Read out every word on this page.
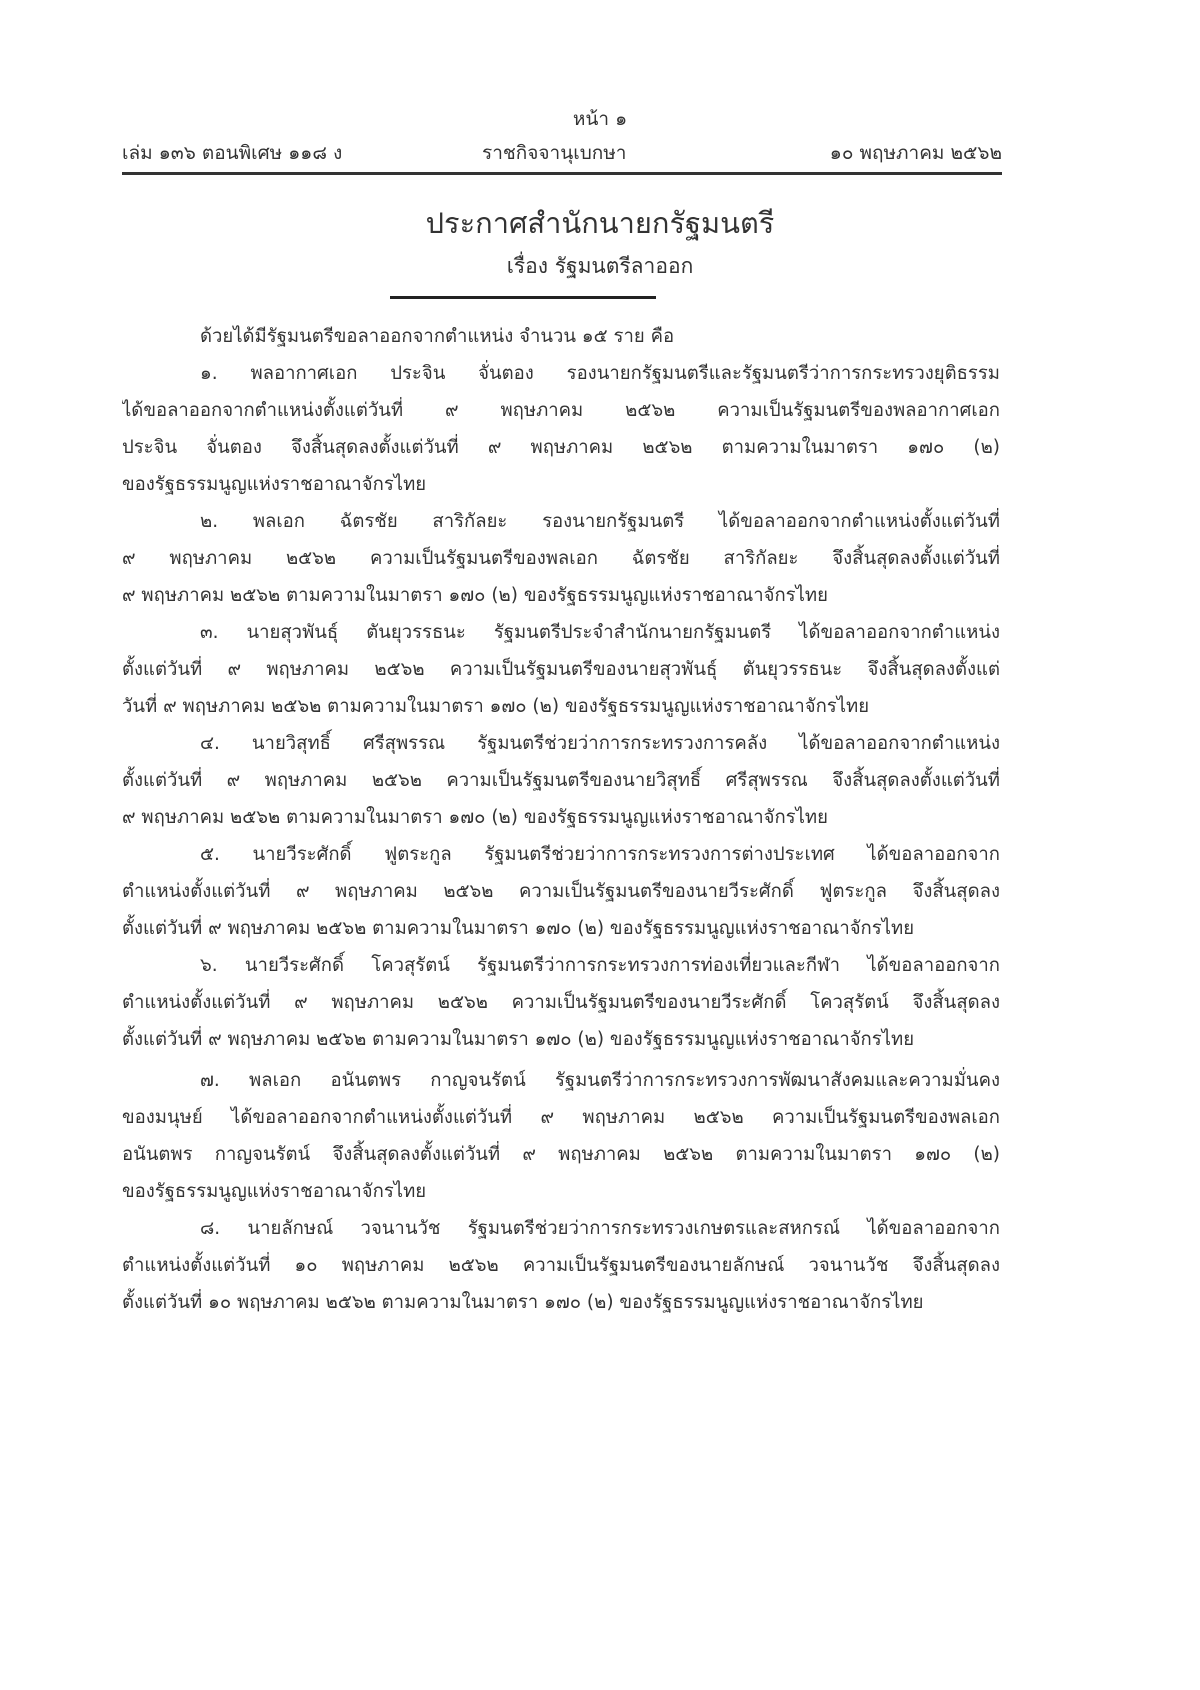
หน้า ๑
เล่ม ๑๓๖ ตอนพิเศษ ๑๑๘ ง	ราชกิจจานุเบกษา	๑๐ พฤษภาคม ๒๕๖๒
ประกาศสำนักนายกรัฐมนตรี
เรื่อง รัฐมนตรีลาออก
ด้วยได้มีรัฐมนตรีขอลาออกจากตำแหน่ง จำนวน ๑๕ ราย คือ
๑. พลอากาศเอก ประจิน จั่นตอง รองนายกรัฐมนตรีและรัฐมนตรีว่าการกระทรวงยุติธรรม
ได้ขอลาออกจากตำแหน่งตั้งแต่วันที่ ๙ พฤษภาคม ๒๕๖๒ ความเป็นรัฐมนตรีของพลอากาศเอก
ประจิน จั่นตอง จึงสิ้นสุดลงตั้งแต่วันที่ ๙ พฤษภาคม ๒๕๖๒ ตามความในมาตรา ๑๗๐ (๒)
ของรัฐธรรมนูญแห่งราชอาณาจักรไทย
๒. พลเอก ฉัตรชัย สาริกัลยะ รองนายกรัฐมนตรี ได้ขอลาออกจากตำแหน่งตั้งแต่วันที่
๙ พฤษภาคม ๒๕๖๒ ความเป็นรัฐมนตรีของพลเอก ฉัตรชัย สาริกัลยะ จึงสิ้นสุดลงตั้งแต่วันที่
๙ พฤษภาคม ๒๕๖๒ ตามความในมาตรา ๑๗๐ (๒) ของรัฐธรรมนูญแห่งราชอาณาจักรไทย
๓. นายสุวพันธุ์ ตันยุวรรธนะ รัฐมนตรีประจำสำนักนายกรัฐมนตรี ได้ขอลาออกจากตำแหน่ง
ตั้งแต่วันที่ ๙ พฤษภาคม ๒๕๖๒ ความเป็นรัฐมนตรีของนายสุวพันธุ์ ตันยุวรรธนะ จึงสิ้นสุดลงตั้งแต่
วันที่ ๙ พฤษภาคม ๒๕๖๒ ตามความในมาตรา ๑๗๐ (๒) ของรัฐธรรมนูญแห่งราชอาณาจักรไทย
๔. นายวิสุทธิ์ ศรีสุพรรณ รัฐมนตรีช่วยว่าการกระทรวงการคลัง ได้ขอลาออกจากตำแหน่ง
ตั้งแต่วันที่ ๙ พฤษภาคม ๒๕๖๒ ความเป็นรัฐมนตรีของนายวิสุทธิ์ ศรีสุพรรณ จึงสิ้นสุดลงตั้งแต่วันที่
๙ พฤษภาคม ๒๕๖๒ ตามความในมาตรา ๑๗๐ (๒) ของรัฐธรรมนูญแห่งราชอาณาจักรไทย
๕. นายวีระศักดิ์ ฟูตระกูล รัฐมนตรีช่วยว่าการกระทรวงการต่างประเทศ ได้ขอลาออกจาก
ตำแหน่งตั้งแต่วันที่ ๙ พฤษภาคม ๒๕๖๒ ความเป็นรัฐมนตรีของนายวีระศักดิ์ ฟูตระกูล จึงสิ้นสุดลง
ตั้งแต่วันที่ ๙ พฤษภาคม ๒๕๖๒ ตามความในมาตรา ๑๗๐ (๒) ของรัฐธรรมนูญแห่งราชอาณาจักรไทย
๖. นายวีระศักดิ์ โควสุรัตน์ รัฐมนตรีว่าการกระทรวงการท่องเที่ยวและกีฬา ได้ขอลาออกจาก
ตำแหน่งตั้งแต่วันที่ ๙ พฤษภาคม ๒๕๖๒ ความเป็นรัฐมนตรีของนายวีระศักดิ์ โควสุรัตน์ จึงสิ้นสุดลง
ตั้งแต่วันที่ ๙ พฤษภาคม ๒๕๖๒ ตามความในมาตรา ๑๗๐ (๒) ของรัฐธรรมนูญแห่งราชอาณาจักรไทย
๗. พลเอก อนันตพร กาญจนรัตน์ รัฐมนตรีว่าการกระทรวงการพัฒนาสังคมและความมั่นคง
ของมนุษย์ ได้ขอลาออกจากตำแหน่งตั้งแต่วันที่ ๙ พฤษภาคม ๒๕๖๒ ความเป็นรัฐมนตรีของพลเอก
อนันตพร กาญจนรัตน์ จึงสิ้นสุดลงตั้งแต่วันที่ ๙ พฤษภาคม ๒๕๖๒ ตามความในมาตรา ๑๗๐ (๒)
ของรัฐธรรมนูญแห่งราชอาณาจักรไทย
๘. นายลักษณ์ วจนานวัช รัฐมนตรีช่วยว่าการกระทรวงเกษตรและสหกรณ์ ได้ขอลาออกจาก
ตำแหน่งตั้งแต่วันที่ ๑๐ พฤษภาคม ๒๕๖๒ ความเป็นรัฐมนตรีของนายลักษณ์ วจนานวัช จึงสิ้นสุดลง
ตั้งแต่วันที่ ๑๐ พฤษภาคม ๒๕๖๒ ตามความในมาตรา ๑๗๐ (๒) ของรัฐธรรมนูญแห่งราชอาณาจักรไทย
